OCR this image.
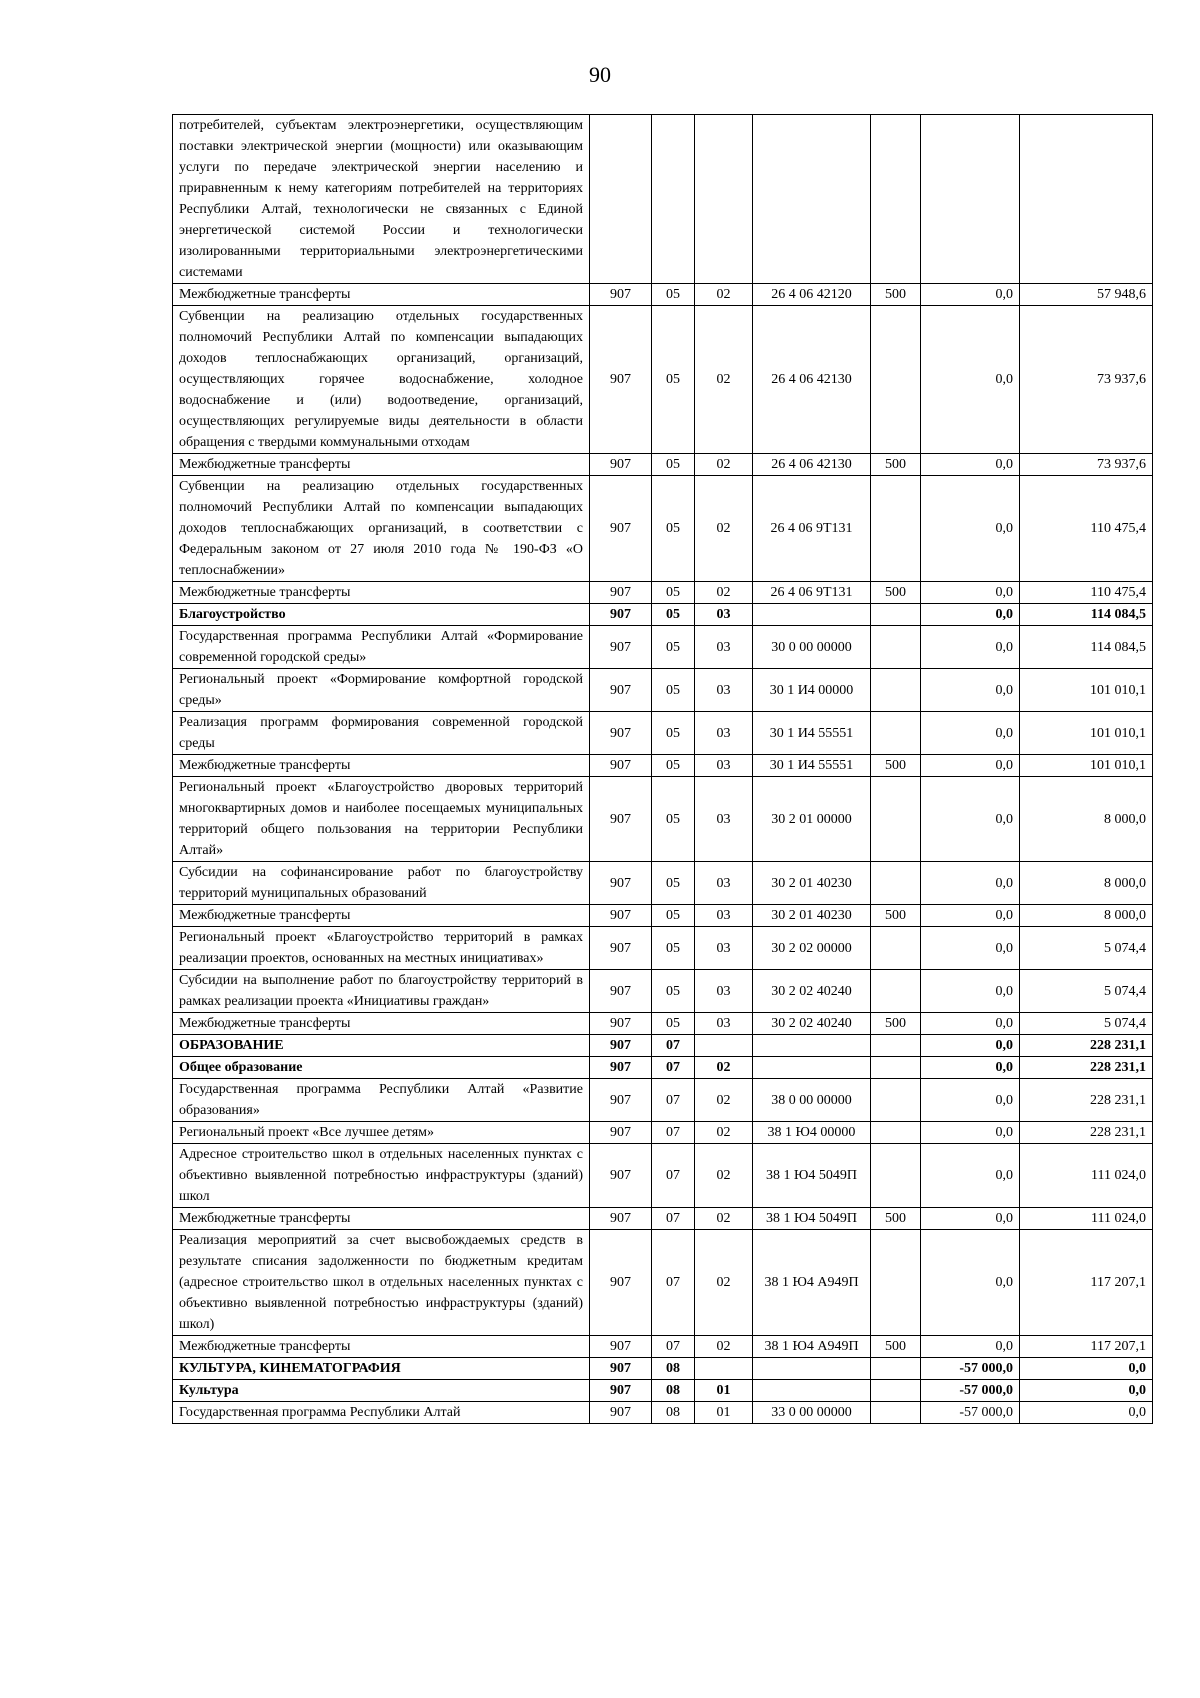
90
потребителей, субъектам электроэнергетики, осуществляющим поставки электрической энергии (мощности) или оказывающим услуги по передаче электрической энергии населению и приравненным к нему категориям потребителей на территориях Республики Алтай, технологически не связанных с Единой энергетической системой России и технологически изолированными территориальными электроэнергетическими системами							
Межбюджетные трансферты	907	05	02	26 4 06 42120	500	0,0	57 948,6
Субвенции на реализацию отдельных государственных полномочий Республики Алтай по компенсации выпадающих доходов теплоснабжающих организаций, организаций, осуществляющих горячее водоснабжение, холодное водоснабжение и (или) водоотведение, организаций, осуществляющих регулируемые виды деятельности в области обращения с твердыми коммунальными отходам	907	05	02	26 4 06 42130		0,0	73 937,6
Межбюджетные трансферты	907	05	02	26 4 06 42130	500	0,0	73 937,6
Субвенции на реализацию отдельных государственных полномочий Республики Алтай по компенсации выпадающих доходов теплоснабжающих организаций, в соответствии с Федеральным законом от 27 июля 2010 года № 190-ФЗ «О теплоснабжении»	907	05	02	26 4 06 9Т131		0,0	110 475,4
Межбюджетные трансферты	907	05	02	26 4 06 9Т131	500	0,0	110 475,4
Благоустройство	907	05	03			0,0	114 084,5
Государственная программа Республики Алтай «Формирование современной городской среды»	907	05	03	30 0 00 00000		0,0	114 084,5
Региональный проект «Формирование комфортной городской среды»	907	05	03	30 1 И4 00000		0,0	101 010,1
Реализация программ формирования современной городской среды	907	05	03	30 1 И4 55551		0,0	101 010,1
Межбюджетные трансферты	907	05	03	30 1 И4 55551	500	0,0	101 010,1
Региональный проект «Благоустройство дворовых территорий многоквартирных домов и наиболее посещаемых муниципальных территорий общего пользования на территории Республики Алтай»	907	05	03	30 2 01 00000		0,0	8 000,0
Субсидии на софинансирование работ по благоустройству территорий муниципальных образований	907	05	03	30 2 01 40230		0,0	8 000,0
Межбюджетные трансферты	907	05	03	30 2 01 40230	500	0,0	8 000,0
Региональный проект «Благоустройство территорий в рамках реализации проектов, основанных на местных инициативах»	907	05	03	30 2 02 00000		0,0	5 074,4
Субсидии на выполнение работ по благоустройству территорий в рамках реализации проекта «Инициативы граждан»	907	05	03	30 2 02 40240		0,0	5 074,4
Межбюджетные трансферты	907	05	03	30 2 02 40240	500	0,0	5 074,4
ОБРАЗОВАНИЕ	907	07				0,0	228 231,1
Общее образование	907	07	02			0,0	228 231,1
Государственная программа Республики Алтай «Развитие образования»	907	07	02	38 0 00 00000		0,0	228 231,1
Региональный проект «Все лучшее детям»	907	07	02	38 1 Ю4 00000		0,0	228 231,1
Адресное строительство школ в отдельных населенных пунктах с объективно выявленной потребностью инфраструктуры (зданий) школ	907	07	02	38 1 Ю4 5049П		0,0	111 024,0
Межбюджетные трансферты	907	07	02	38 1 Ю4 5049П	500	0,0	111 024,0
Реализация мероприятий за счет высвобождаемых средств в результате списания задолженности по бюджетным кредитам (адресное строительство школ в отдельных населенных пунктах с объективно выявленной потребностью инфраструктуры (зданий) школ)	907	07	02	38 1 Ю4 А949П		0,0	117 207,1
Межбюджетные трансферты	907	07	02	38 1 Ю4 А949П	500	0,0	117 207,1
КУЛЬТУРА, КИНЕМАТОГРАФИЯ	907	08				-57 000,0	0,0
Культура	907	08	01			-57 000,0	0,0
Государственная программа Республики Алтай	907	08	01	33 0 00 00000		-57 000,0	0,0
